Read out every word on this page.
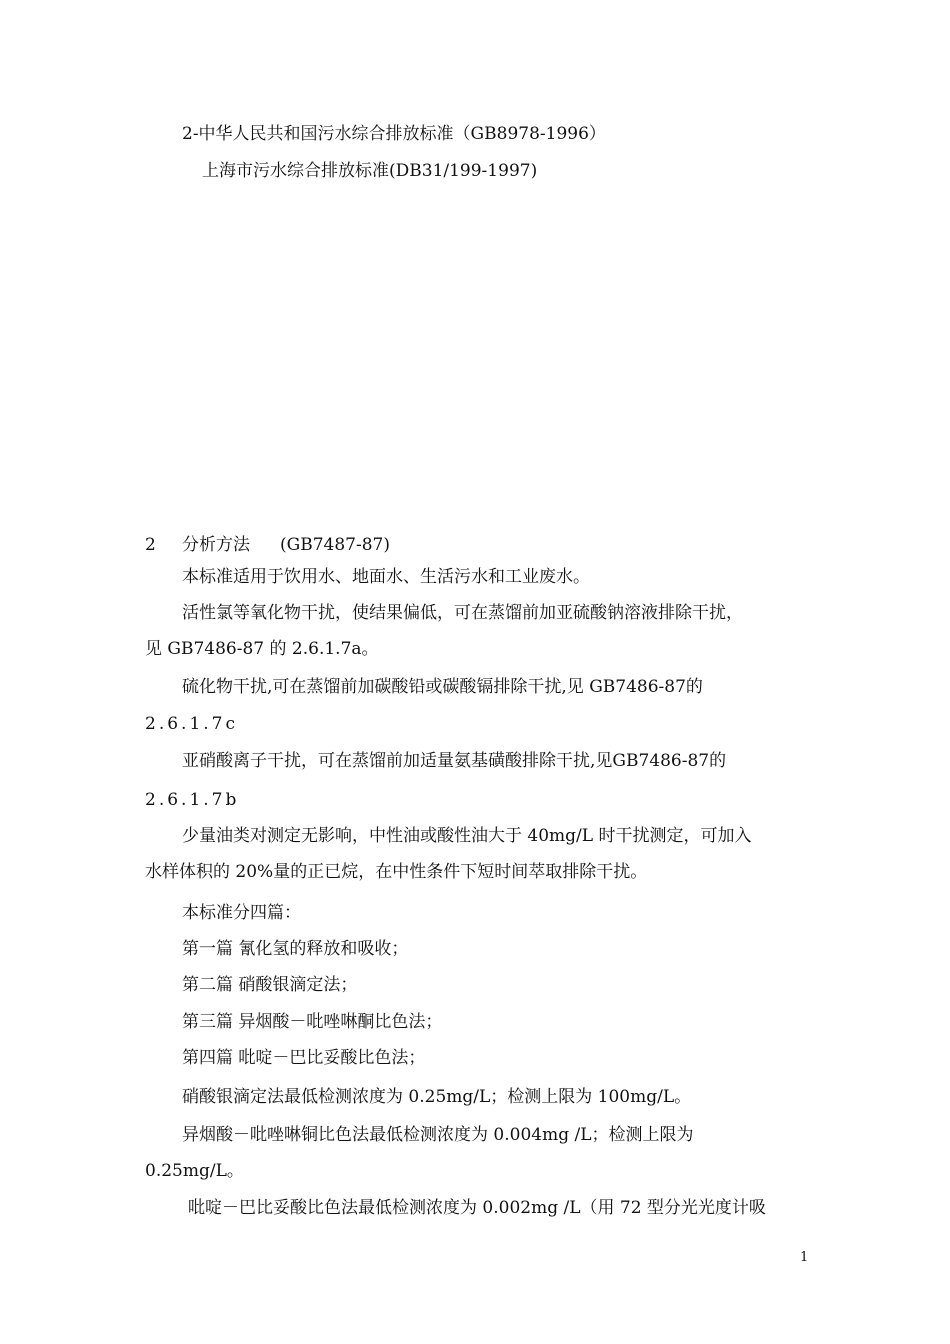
2-中华人民共和国污水综合排放标准（GB8978-1996）
上海市污水综合排放标准(DB31/199-1997)
2 分析方法 (GB7487-87)
本标准适用于饮用水、地面水、生活污水和工业废水。
活性氯等氧化物干扰，使结果偏低，可在蒸馏前加亚硫酸钠溶液排除干扰，
见 GB7486-87 的 2.6.1.7a。
硫化物干扰,可在蒸馏前加碳酸铅或碳酸镉排除干扰,见 GB7486-87的
2.6.1.7c
亚硝酸离子干扰，可在蒸馏前加适量氨基磺酸排除干扰,见GB7486-87的
2.6.1.7b
少量油类对测定无影响，中性油或酸性油大于 40mg/L 时干扰测定，可加入
水样体积的 20%量的正已烷，在中性条件下短时间萃取排除干扰。
本标准分四篇：
第一篇 氰化氢的释放和吸收；
第二篇 硝酸银滴定法；
第三篇 异烟酸－吡唑啉酮比色法；
第四篇 吡啶－巴比妥酸比色法；
硝酸银滴定法最低检测浓度为 0.25mg/L；检测上限为 100mg/L。
异烟酸－吡唑啉铜比色法最低检测浓度为 0.004mg /L；检测上限为
0.25mg/L。
吡啶－巴比妥酸比色法最低检测浓度为 0.002mg /L（用 72 型分光光度计吸
1
